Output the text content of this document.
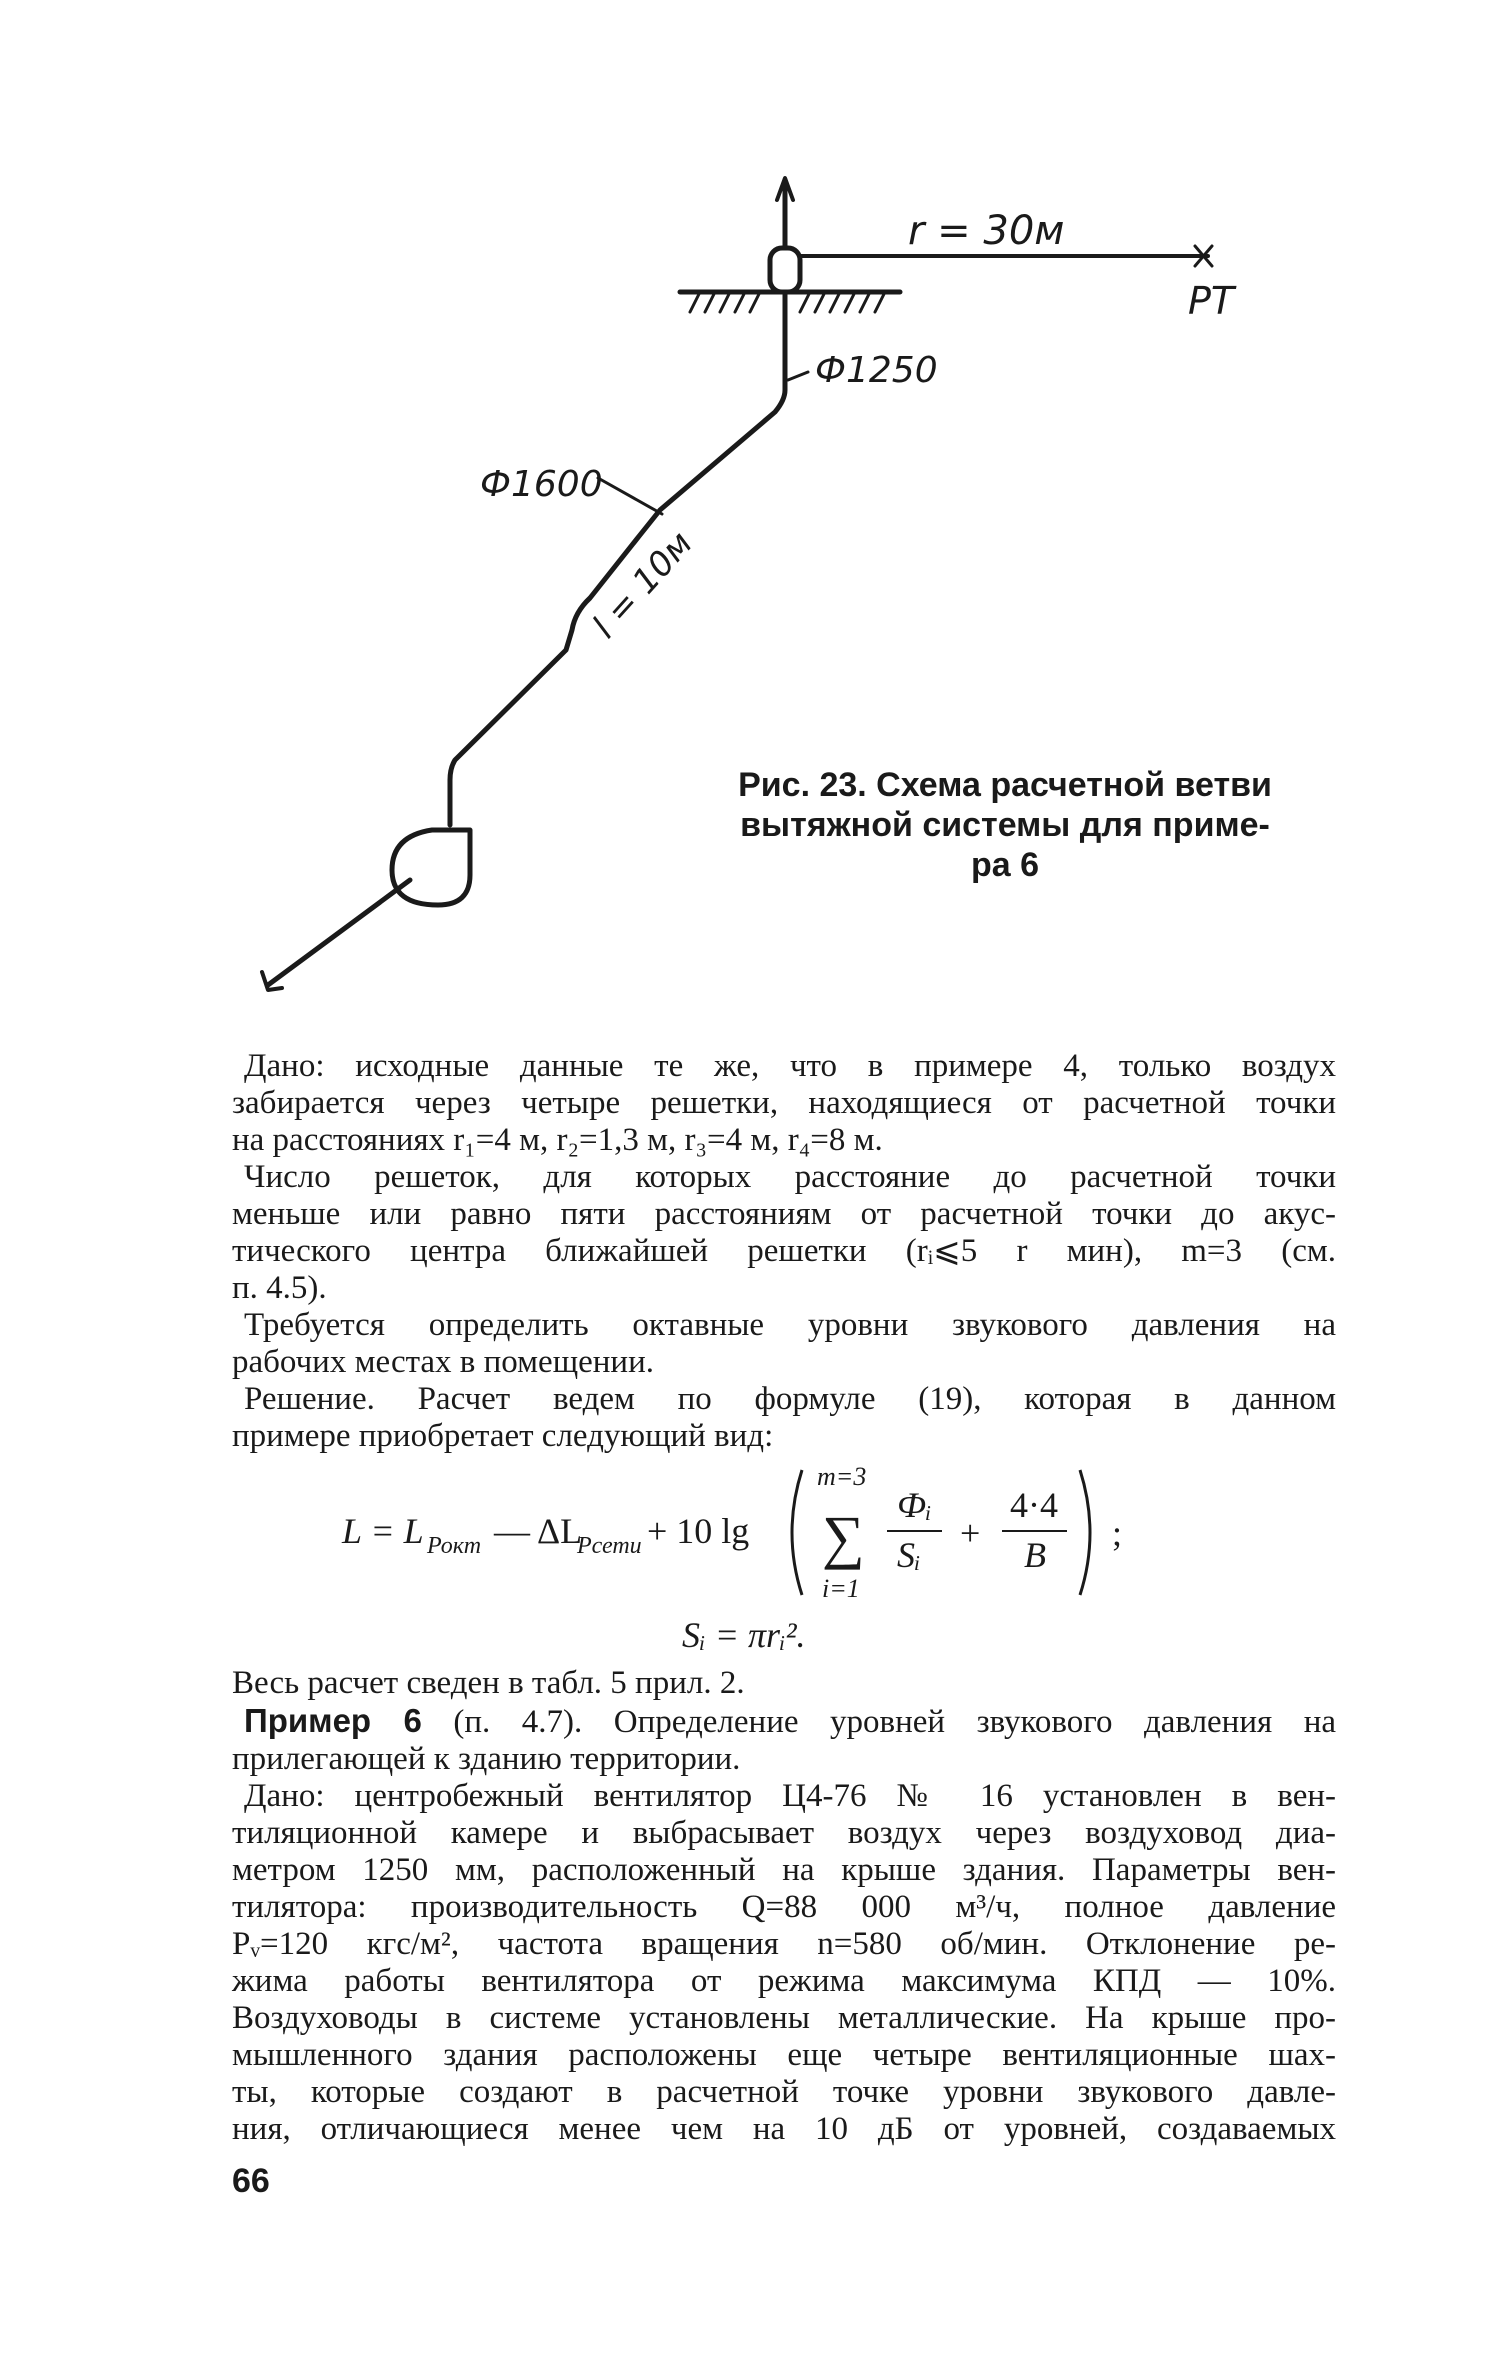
r = 30м
PT
Ф1250
Ф1600
l = 10м
Рис. 23. Схема расчетной ветви
вытяжной системы для приме-
ра 6

Дано: исходные данные те же, что в примере 4, только воздух
забирается через четыре решетки, находящиеся от расчетной точки
на расстояниях r₁=4 м, r₂=1,3 м, r₃=4 м, r₄=8 м.

Число решеток, для которых расстояние до расчетной точки
меньше или равно пяти расстояниям от расчетной точки до акус-
тического центра ближайшей решетки (rᵢ⩽5 r мин), m=3 (см.
п. 4.5).

Требуется определить октавные уровни звукового давления на
рабочих местах в помещении.

Решение. Расчет ведем по формуле (19), которая в данном
примере приобретает следующий вид:

L = L Рокт — ΔL
Рсети + 10 lg
m=3
∑
i=1
Фᵢ
Sᵢ
+
4·4
B
;
Sᵢ = πrᵢ².

Весь расчет сведен в табл. 5 прил. 2.

Пример 6 (п. 4.7). Определение уровней звукового давления на
прилегающей к зданию территории.

Дано: центробежный вентилятор Ц4-76 № 16 установлен в вен-
тиляционной камере и выбрасывает воздух через воздуховод диа-
метром 1250 мм, расположенный на крыше здания. Параметры вен-
тилятора: производительность Q=88 000 м³/ч, полное давление
Pᵥ=120 кгс/м², частота вращения n=580 об/мин. Отклонение ре-
жима работы вентилятора от режима максимума КПД — 10%.
Воздуховоды в системе установлены металлические. На крыше про-
мышленного здания расположены еще четыре вентиляционные шах-
ты, которые создают в расчетной точке уровни звукового давле-
ния, отличающиеся менее чем на 10 дБ от уровней, создаваемых

66
